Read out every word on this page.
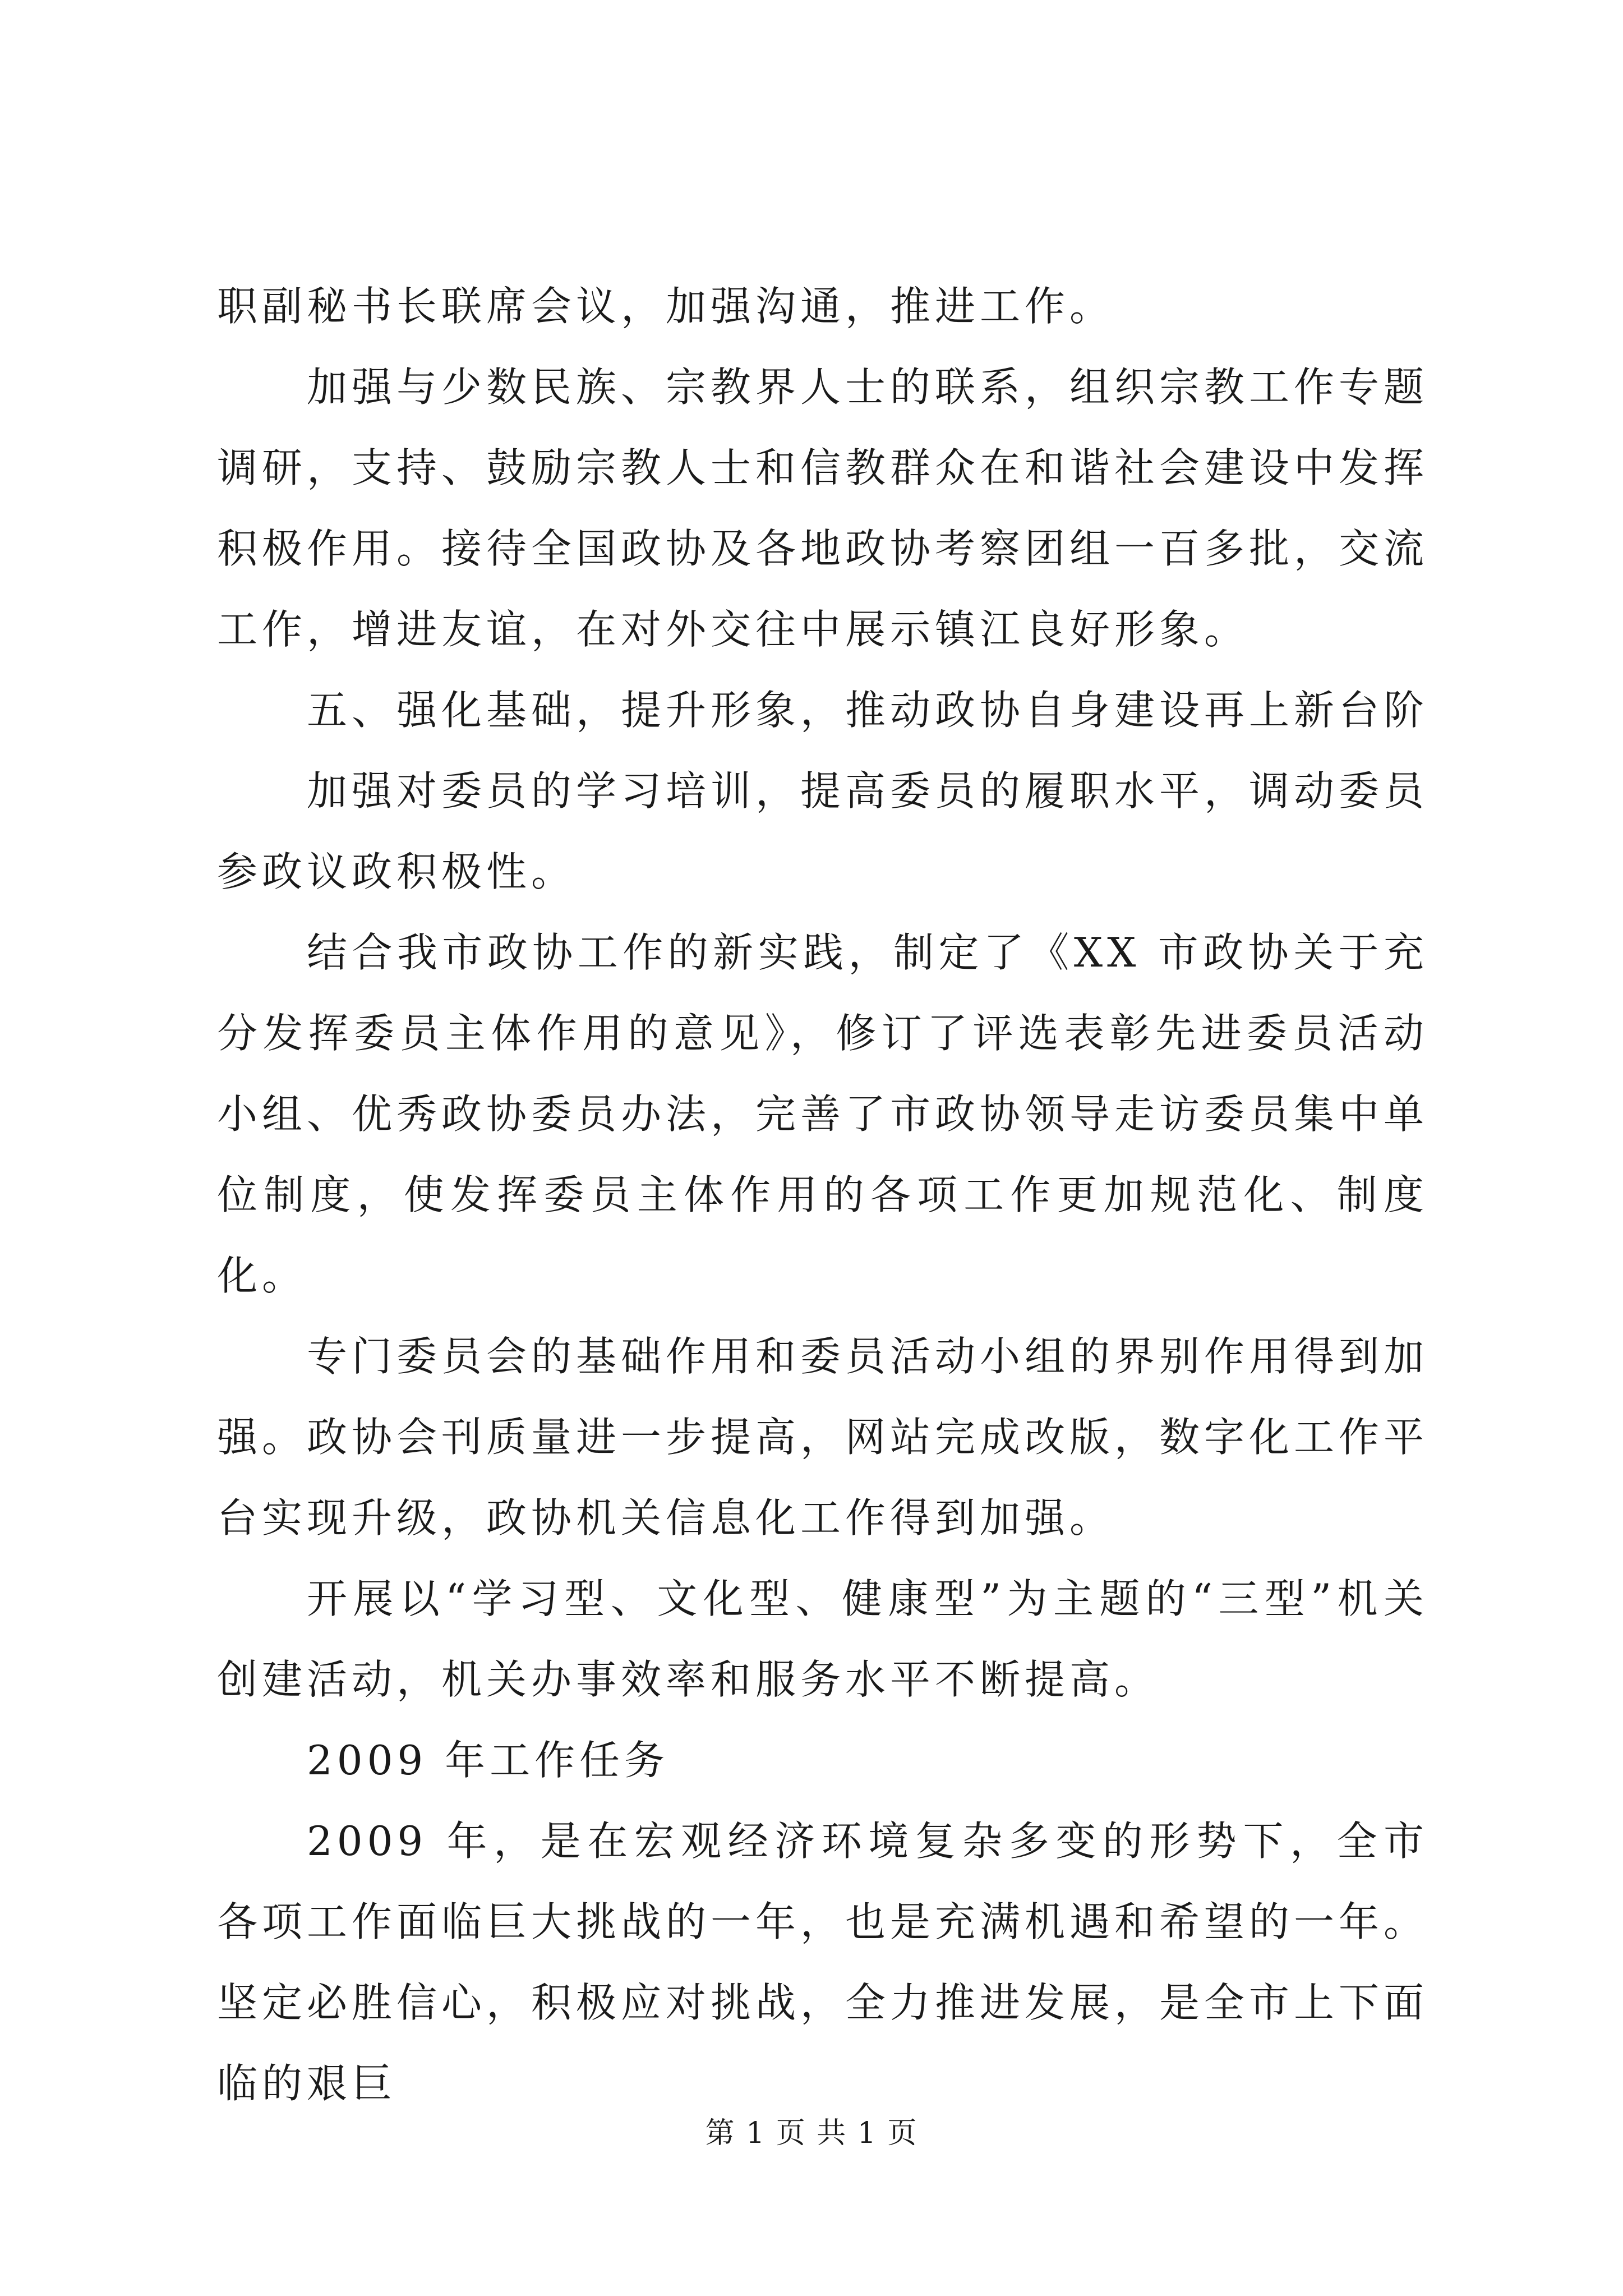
职副秘书长联席会议，加强沟通，推进工作。

加强与少数民族、宗教界人士的联系，组织宗教工作专题调研，支持、鼓励宗教人士和信教群众在和谐社会建设中发挥积极作用。接待全国政协及各地政协考察团组一百多批，交流工作，增进友谊，在对外交往中展示镇江良好形象。

五、强化基础，提升形象，推动政协自身建设再上新台阶

加强对委员的学习培训，提高委员的履职水平，调动委员参政议政积极性。

结合我市政协工作的新实践，制定了《XX 市政协关于充分发挥委员主体作用的意见》，修订了评选表彰先进委员活动小组、优秀政协委员办法，完善了市政协领导走访委员集中单位制度，使发挥委员主体作用的各项工作更加规范化、制度化。

专门委员会的基础作用和委员活动小组的界别作用得到加强。政协会刊质量进一步提高，网站完成改版，数字化工作平台实现升级，政协机关信息化工作得到加强。

开展以“学习型、文化型、健康型”为主题的“三型”机关创建活动，机关办事效率和服务水平不断提高。

2009 年工作任务

2009 年，是在宏观经济环境复杂多变的形势下，全市各项工作面临巨大挑战的一年，也是充满机遇和希望的一年。坚定必胜信心，积极应对挑战，全力推进发展，是全市上下面临的艰巨

第 1 页 共 1 页
